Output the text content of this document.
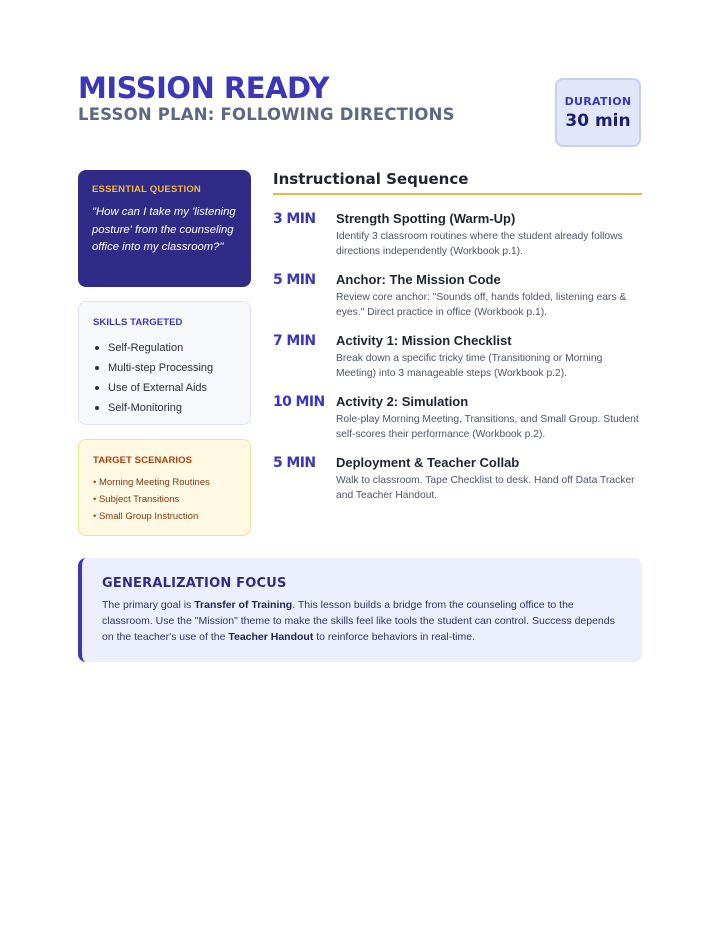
MISSION READY
LESSON PLAN: FOLLOWING DIRECTIONS
DURATION
30 min
ESSENTIAL QUESTION
"How can I take my 'listening posture' from the counseling office into my classroom?"
SKILLS TARGETED
Self-Regulation
Multi-step Processing
Use of External Aids
Self-Monitoring
TARGET SCENARIOS
• Morning Meeting Routines
• Subject Transitions
• Small Group Instruction
Instructional Sequence
3 MIN Strength Spotting (Warm-Up)
Identify 3 classroom routines where the student already follows directions independently (Workbook p.1).
5 MIN Anchor: The Mission Code
Review core anchor: "Sounds off, hands folded, listening ears & eyes." Direct practice in office (Workbook p.1).
7 MIN Activity 1: Mission Checklist
Break down a specific tricky time (Transitioning or Morning Meeting) into 3 manageable steps (Workbook p.2).
10 MIN Activity 2: Simulation
Role-play Morning Meeting, Transitions, and Small Group. Student self-scores their performance (Workbook p.2).
5 MIN Deployment & Teacher Collab
Walk to classroom. Tape Checklist to desk. Hand off Data Tracker and Teacher Handout.
GENERALIZATION FOCUS

The primary goal is Transfer of Training. This lesson builds a bridge from the counseling office to the classroom. Use the "Mission" theme to make the skills feel like tools the student can control. Success depends on the teacher's use of the Teacher Handout to reinforce behaviors in real-time.
